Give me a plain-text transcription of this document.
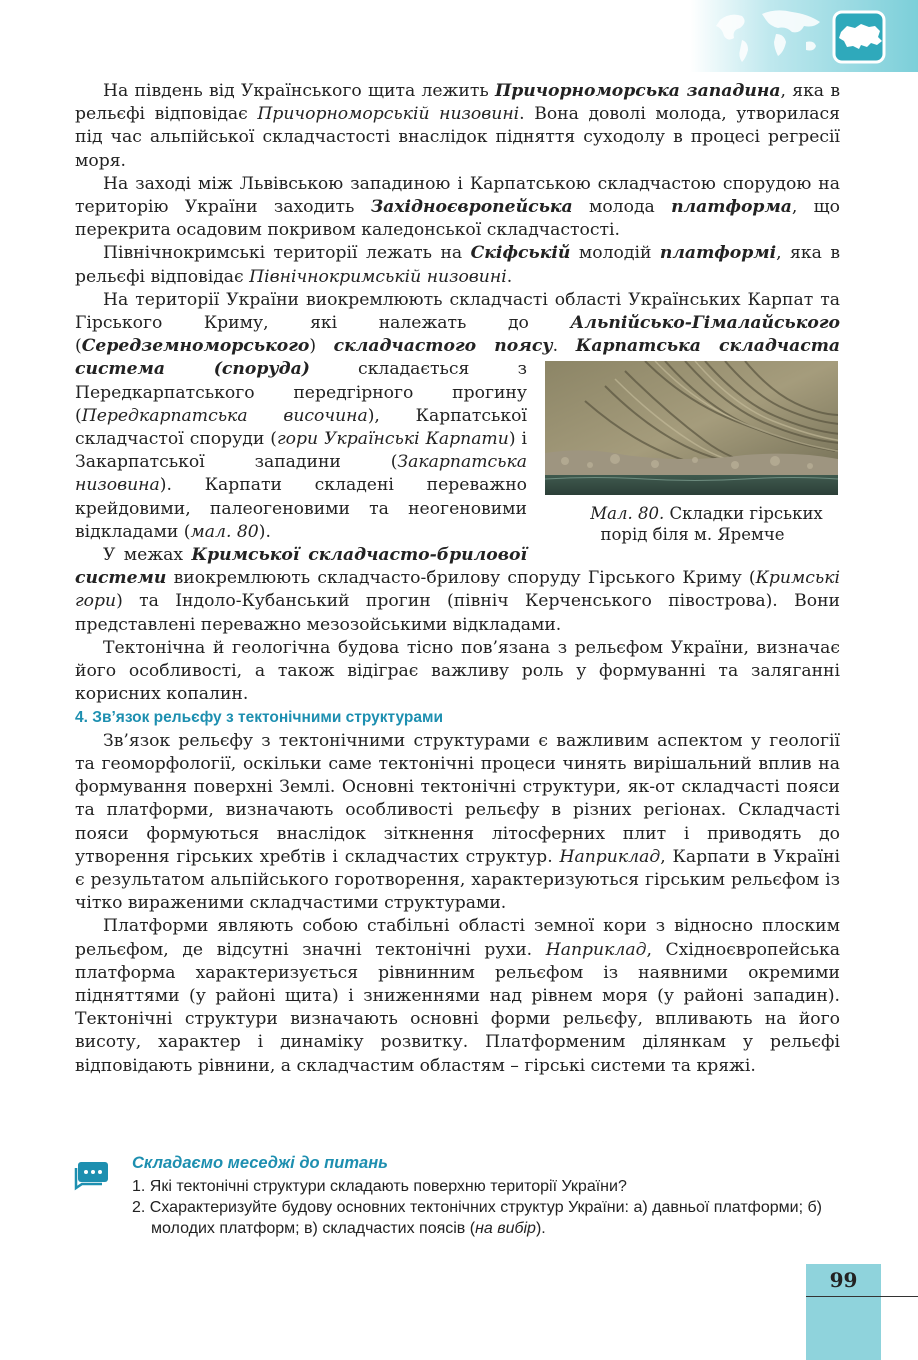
На південь від Українського щита лежить Причорноморська западина, яка в рельєфі відповідає Причорноморській низовині. Вона доволі молода, утворилася під час альпійської складчастості внаслідок підняття суходолу в процесі регресії моря.

На заході між Львівською западиною і Карпатською складчастою спорудою на територію України заходить Західноєвропейська молода платформа, що перекрита осадовим покривом каледонської складчастості.

Північнокримські території лежать на Скіфській молодій платформі, яка в рельєфі відповідає Північнокримській низовині.

На території України виокремлюють складчасті області Українських Карпат та Гірського Криму, які належать до Альпійсько-Гімалайського (Середземноморського) складчастого поясу.
Мал. 80. Складки гірських порід біля м. Яремче
Карпатська складчаста система (споруда) складається з Передкарпатського передгірного прогину (Передкарпатська височина), Карпатської складчастої споруди (гори Українські Карпати) і Закарпатської западини (Закарпатська низовина). Карпати складені переважно крейдовими, палеогеновими та неогеновими відкладами (мал. 80).

У межах Кримської складчасто-брилової системи виокремлюють складчасто-брилову споруду Гірського Криму (Кримські гори) та Індоло-Кубанський прогин (північ Керченського півострова). Вони представлені переважно мезозойськими відкладами.

Тектонічна й геологічна будова тісно пов’язана з рельєфом України, визначає його особливості, а також відіграє важливу роль у формуванні та заляганні корисних копалин.

4. Зв’язок рельєфу з тектонічними структурами

Зв’язок рельєфу з тектонічними структурами є важливим аспектом у геології та геоморфології, оскільки саме тектонічні процеси чинять вирішальний вплив на формування поверхні Землі. Основні тектонічні структури, як-от складчасті пояси та платформи, визначають особливості рельєфу в різних регіонах. Складчасті пояси формуються внаслідок зіткнення літосферних плит і приводять до утворення гірських хребтів і складчастих структур. Наприклад, Карпати в Україні є результатом альпійського горотворення, характеризуються гірським рельєфом із чітко вираженими складчастими структурами.

Платформи являють собою стабільні області земної кори з відносно плоским рельєфом, де відсутні значні тектонічні рухи. Наприклад, Східноєвропейська платформа характеризується рівнинним рельєфом із наявними окремими підняттями (у районі щита) і зниженнями над рівнем моря (у районі западин). Тектонічні структури визначають основні форми рельєфу, впливають на його висоту, характер і динаміку розвитку. Платформеним ділянкам у рельєфі відповідають рівнини, а складчастим областям – гірські системи та кряжі.

Складаємо меседжі до питань
1. Які тектонічні структури складають поверхню території України?
2. Схарактеризуйте будову основних тектонічних структур України: а) давньої платформи; б) молодих платформ; в) складчастих поясів (на вибір).
99
